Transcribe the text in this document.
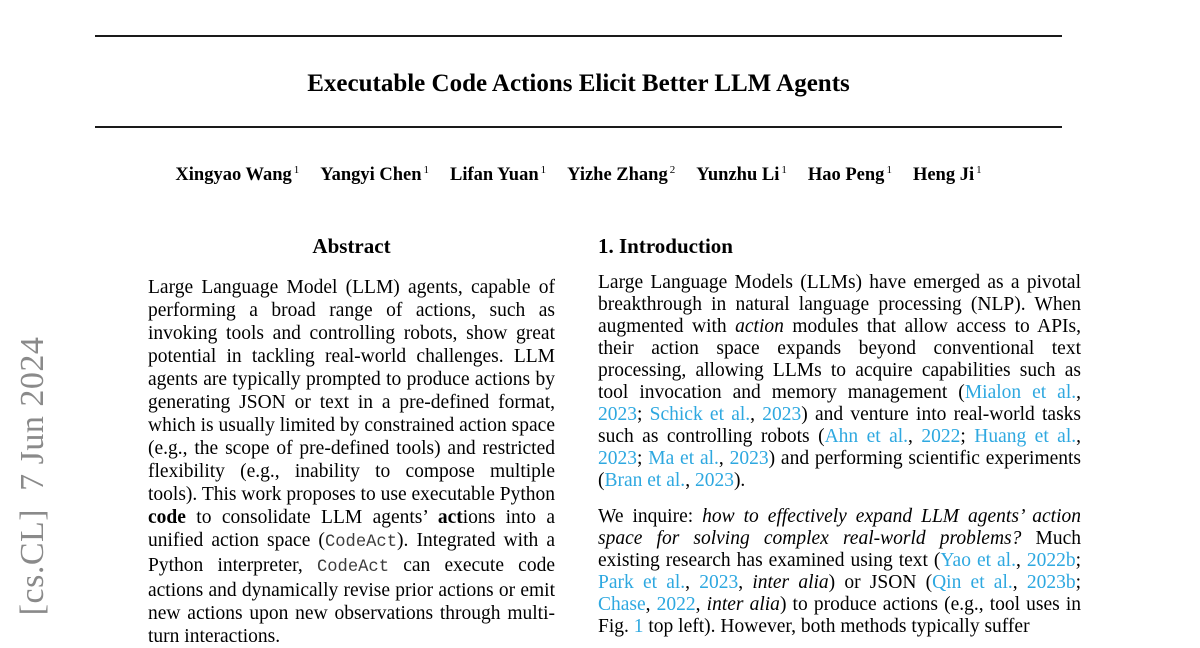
[cs.CL]  7 Jun 2024
Executable Code Actions Elicit Better LLM Agents
Xingyao Wang $^1$ Yangyi Chen $^1$ Lifan Yuan $^1$ Yizhe Zhang $^2$ Yunzhu Li $^1$ Hao Peng $^1$ Heng Ji $^1$
Abstract
Large Language Model (LLM) agents, capable of performing a broad range of actions, such as invoking tools and controlling robots, show great potential in tackling real-world challenges. LLM agents are typically prompted to produce actions by generating JSON or text in a pre-defined format, which is usually limited by constrained action space (e.g., the scope of pre-defined tools) and restricted flexibility (e.g., inability to compose multiple tools). This work proposes to use executable Python code to consolidate LLM agents’ actions into a unified action space (CodeAct). Integrated with a Python interpreter, CodeAct can execute code actions and dynamically revise prior actions or emit new actions upon new observations through multi-turn interactions.
1. Introduction
Large Language Models (LLMs) have emerged as a pivotal breakthrough in natural language processing (NLP). When augmented with action modules that allow access to APIs, their action space expands beyond conventional text processing, allowing LLMs to acquire capabilities such as tool invocation and memory management (Mialon et al., 2023; Schick et al., 2023) and venture into real-world tasks such as controlling robots (Ahn et al., 2022; Huang et al., 2023; Ma et al., 2023) and performing scientific experiments (Bran et al., 2023).
We inquire: how to effectively expand LLM agents’ action space for solving complex real-world problems? Much existing research has examined using text (Yao et al., 2022b; Park et al., 2023, inter alia) or JSON (Qin et al., 2023b; Chase, 2022, inter alia) to produce actions (e.g., tool uses in Fig. 1 top left). However, both methods typically suffer
